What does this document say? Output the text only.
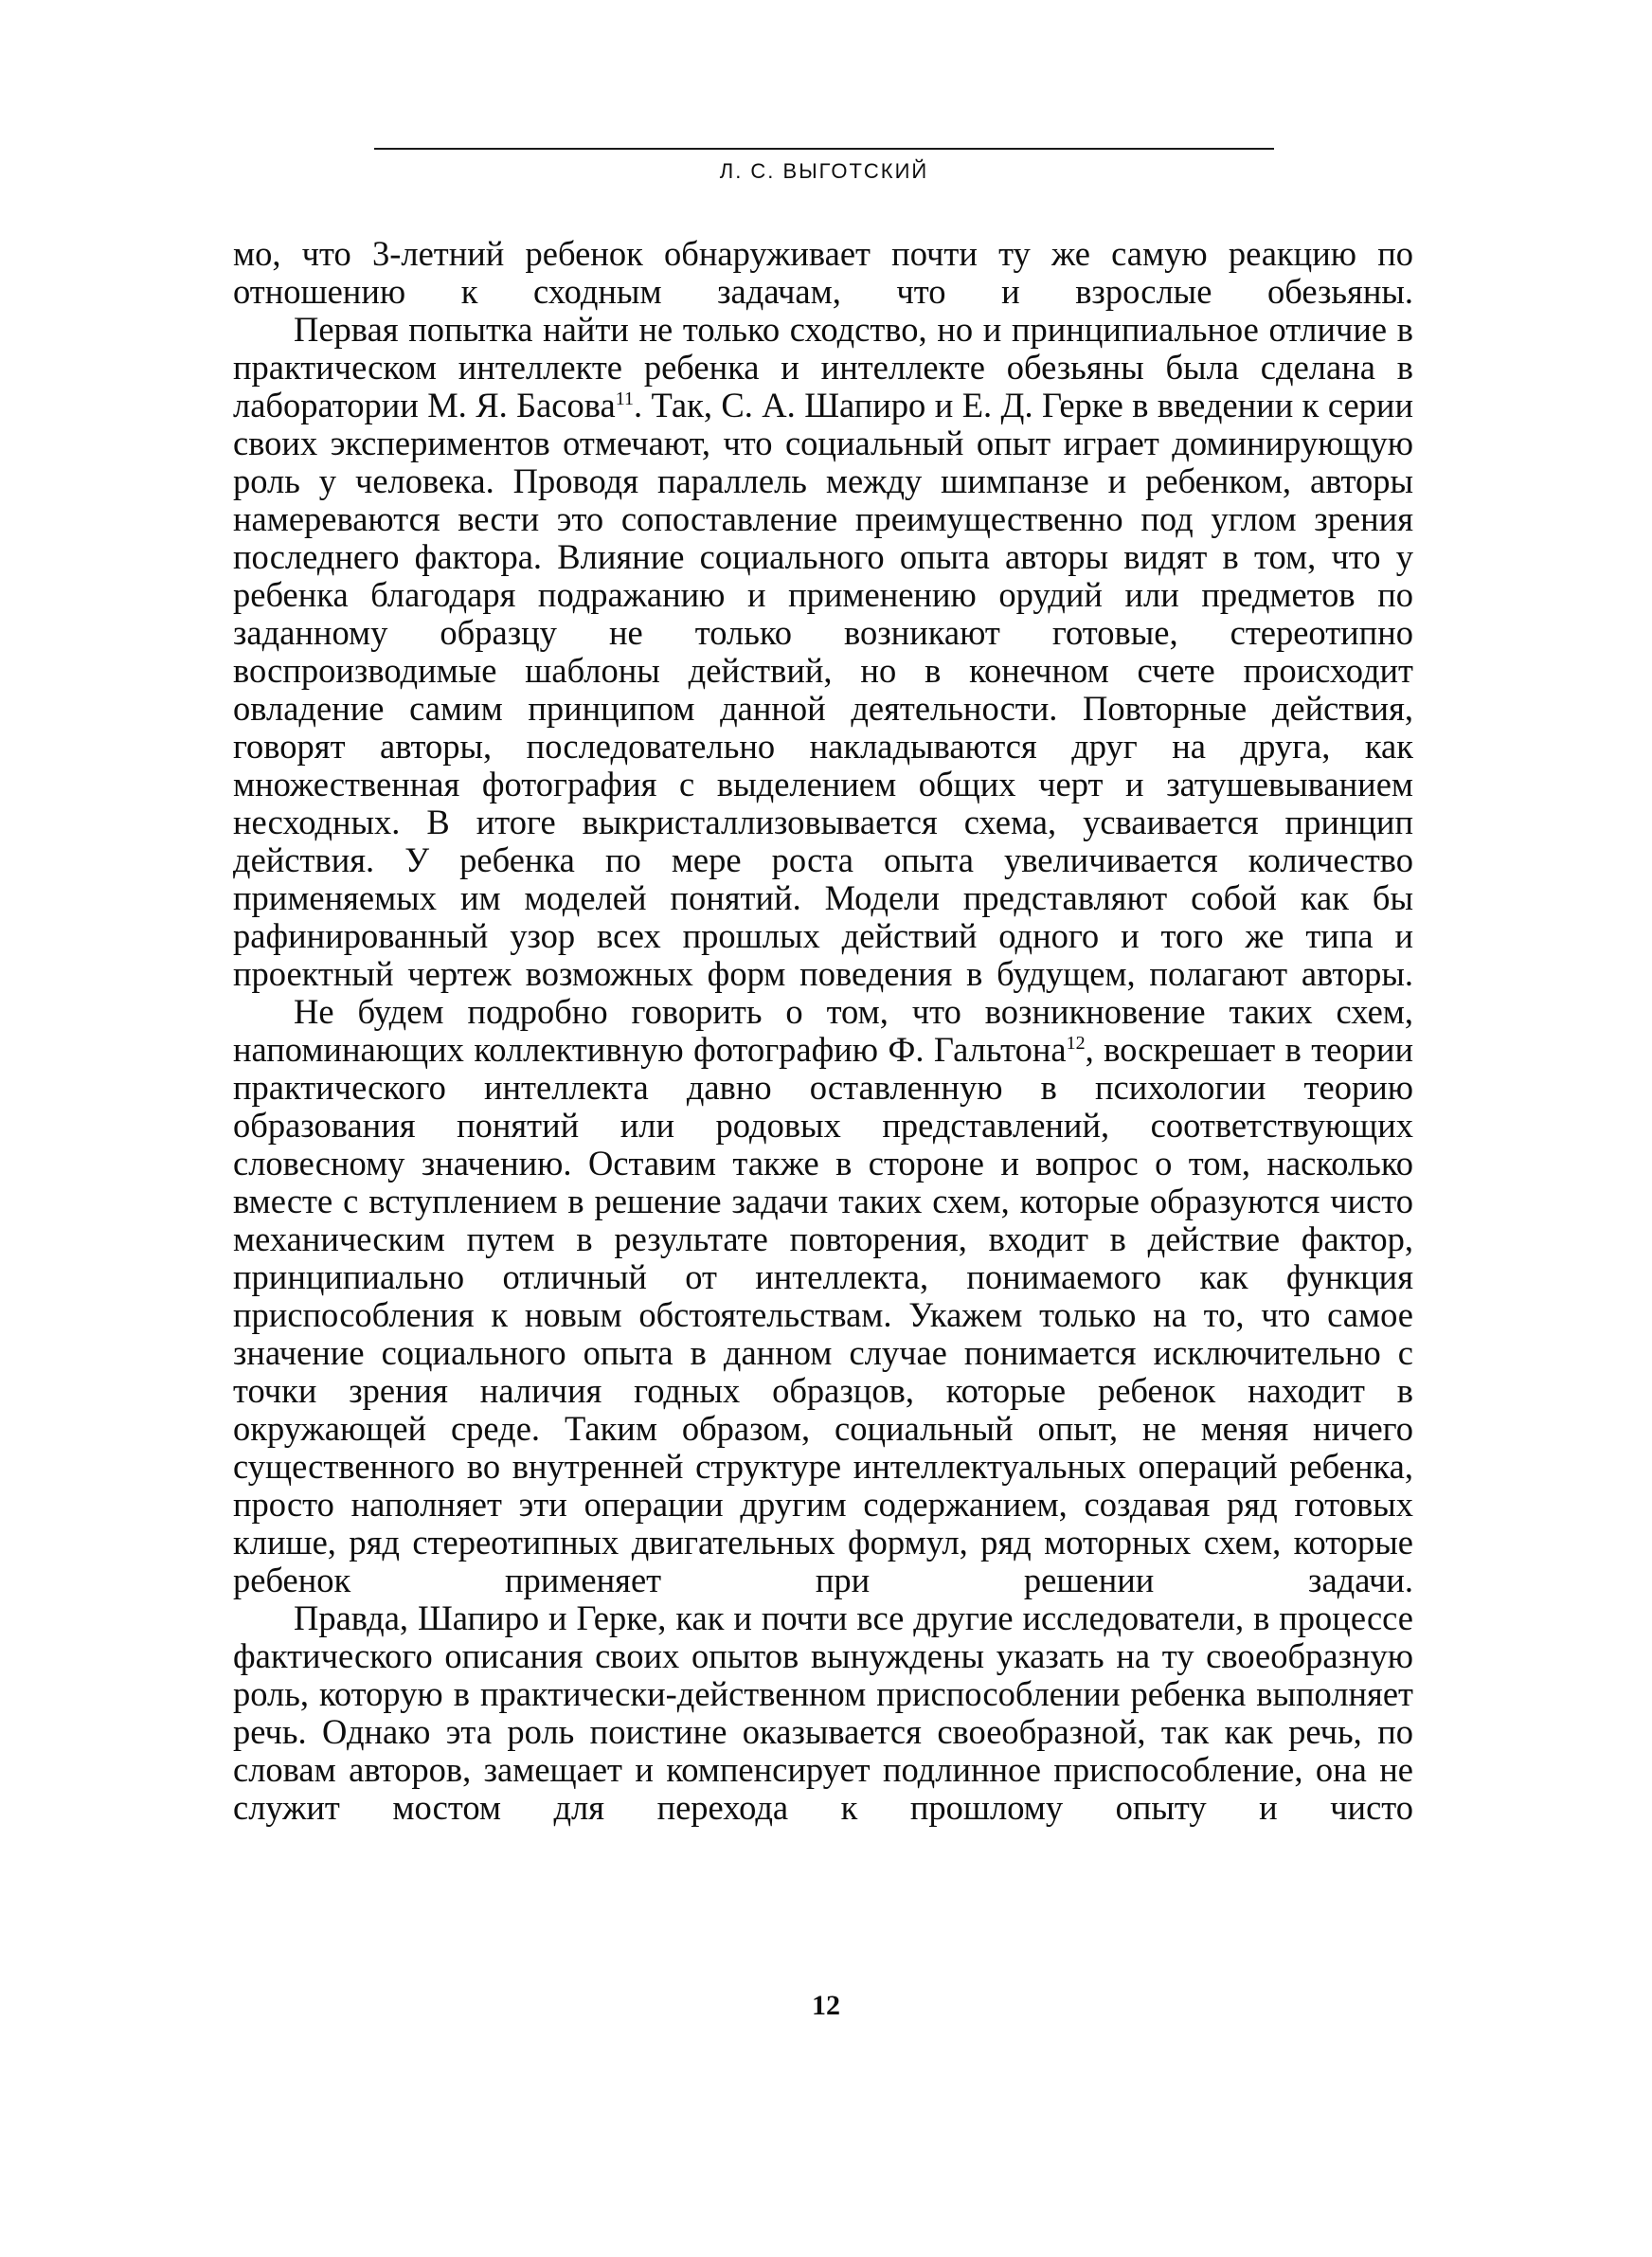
Л. С. ВЫГОТСКИЙ

мо, что 3-летний ребенок обнаруживает почти ту же самую реакцию по отношению к сходным задачам, что и взрослые обезьяны.

Первая попытка найти не только сходство, но и принципиальное отличие в практическом интеллекте ребенка и интеллекте обезьяны была сделана в лаборатории М. Я. Басова$^{11}$. Так, С. А. Шапиро и Е. Д. Герке в введении к серии своих экспериментов отмечают, что социальный опыт играет доминирующую роль у человека. Проводя параллель между шимпанзе и ребенком, авторы намереваются вести это сопоставление преимущественно под углом зрения последнего фактора. Влияние социального опыта авторы видят в том, что у ребенка благодаря подражанию и применению орудий или предметов по заданному образцу не только возникают готовые, стереотипно воспроизводимые шаблоны действий, но в конечном счете происходит овладение самим принципом данной деятельности. Повторные действия, говорят авторы, последовательно накладываются друг на друга, как множественная фотография с выделением общих черт и затушевыванием несходных. В итоге выкристаллизовывается схема, усваивается принцип действия. У ребенка по мере роста опыта увеличивается количество применяемых им моделей понятий. Модели представляют собой как бы рафинированный узор всех прошлых действий одного и того же типа и проектный чертеж возможных форм поведения в будущем, полагают авторы.

Не будем подробно говорить о том, что возникновение таких схем, напоминающих коллективную фотографию Ф. Гальтона$^{12}$, воскрешает в теории практического интеллекта давно оставленную в психологии теорию образования понятий или родовых представлений, соответствующих словесному значению. Оставим также в стороне и вопрос о том, насколько вместе с вступлением в решение задачи таких схем, которые образуются чисто механическим путем в результате повторения, входит в действие фактор, принципиально отличный от интеллекта, понимаемого как функция приспособления к новым обстоятельствам. Укажем только на то, что самое значение социального опыта в данном случае понимается исключительно с точки зрения наличия годных образцов, которые ребенок находит в окружающей среде. Таким образом, социальный опыт, не меняя ничего существенного во внутренней структуре интеллектуальных операций ребенка, просто наполняет эти операции другим содержанием, создавая ряд готовых клише, ряд стереотипных двигательных формул, ряд моторных схем, которые ребенок применяет при решении задачи.

Правда, Шапиро и Герке, как и почти все другие исследователи, в процессе фактического описания своих опытов вынуждены указать на ту своеобразную роль, которую в практически-действенном приспособлении ребенка выполняет речь. Однако эта роль поистине оказывается своеобразной, так как речь, по словам авторов, замещает и компенсирует подлинное приспособление, она не служит мостом для перехода к прошлому опыту и чисто

12
